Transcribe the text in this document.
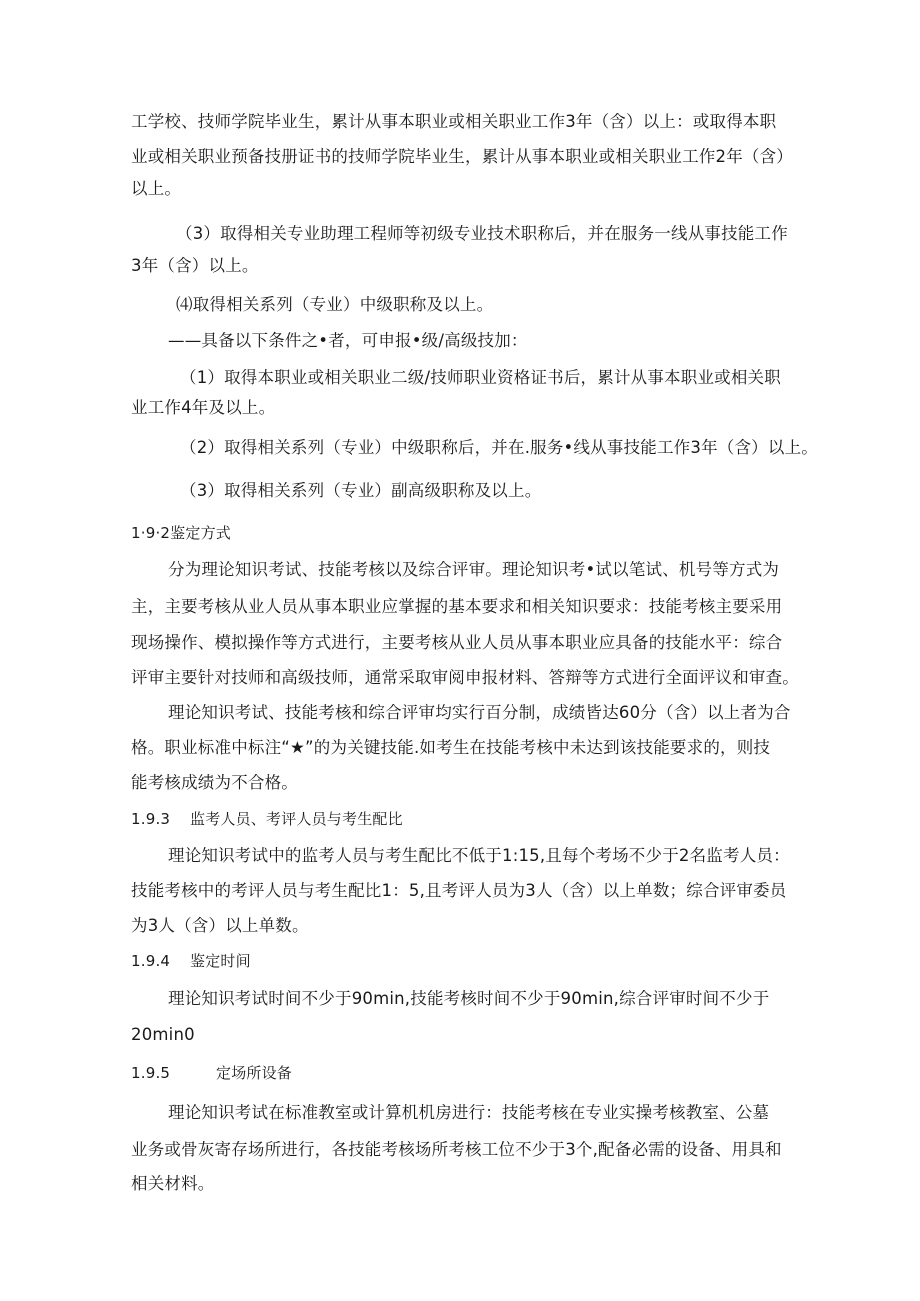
工学校、技师学院毕业生，累计从事本职业或相关职业工作3年（含）以上：或取得本职
业或相关职业预备技册证书的技师学院毕业生，累计从事本职业或相关职业工作2年（含）
以上。
（3）取得相关专业助理工程师等初级专业技术职称后，并在服务一线从事技能工作
3年（含）以上。
⑷取得相关系列（专业）中级职称及以上。
——具备以下条件之•者，可申报•级/高级技加：
（1）取得本职业或相关职业二级/技师职业资格证书后，累计从事本职业或相关职
业工作4年及以上。
（2）取得相关系列（专业）中级职称后，并在.服务•线从事技能工作3年（含）以上。
（3）取得相关系列（专业）副高级职称及以上。
1·9·2鉴定方式
分为理论知识考试、技能考核以及综合评审。理论知识考•试以笔试、机号等方式为
主，主要考核从业人员从事本职业应掌握的基本要求和相关知识要求：技能考核主要采用
现场操作、模拟操作等方式进行，主要考核从业人员从事本职业应具备的技能水平：综合
评审主要针对技师和高级技师，通常采取审阅申报材料、答辩等方式进行全面评议和审查。
理论知识考试、技能考核和综合评审均实行百分制，成绩皆达60分（含）以上者为合
格。职业标准中标注“★”的为关键技能.如考生在技能考核中未达到该技能要求的，则技
能考核成绩为不合格。
1.9.3 监考人员、考评人员与考生配比
理论知识考试中的监考人员与考生配比不低于1:15,且每个考场不少于2名监考人员：
技能考核中的考评人员与考生配比1：5,且考评人员为3人（含）以上单数；综合评审委员
为3人（含）以上单数。
1.9.4 鉴定时间
理论知识考试时间不少于90min,技能考核时间不少于90min,综合评审时间不少于
20min0
1.9.5	定场所设备
理论知识考试在标准教室或计算机机房进行：技能考核在专业实操考核教室、公墓
业务或骨灰寄存场所进行，各技能考核场所考核工位不少于3个,配备必需的设备、用具和
相关材料。
